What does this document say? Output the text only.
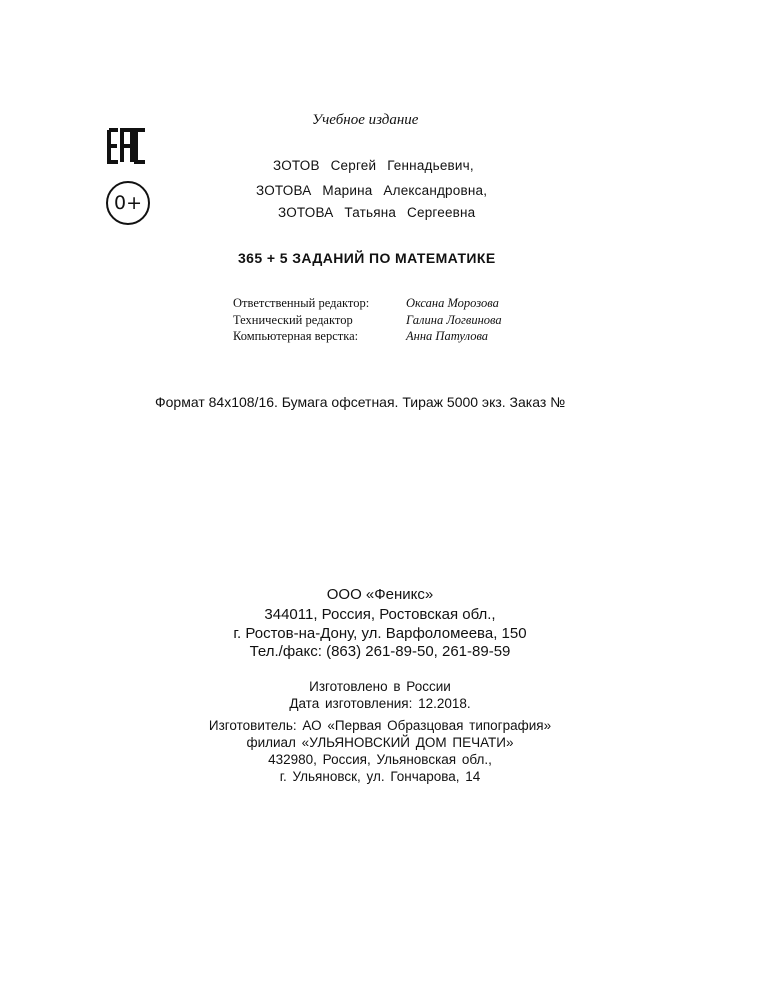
Учебное издание
0+
ЗОТОВ Сергей Геннадьевич,
ЗОТОВА Марина Александровна,
ЗОТОВА Татьяна Сергеевна
365 + 5 ЗАДАНИЙ ПО МАТЕМАТИКЕ
Ответственный редактор:	Оксана Морозова
Технический редактор	Галина Логвинова
Компьютерная верстка:	Анна Патулова
Формат 84x108/16. Бумага офсетная. Тираж 5000 экз. Заказ №
ООО «Феникс»
344011, Россия, Ростовская обл.,
г. Ростов-на-Дону, ул. Варфоломеева, 150
Тел./факс: (863) 261-89-50, 261-89-59
Изготовлено в России
Дата изготовления: 12.2018.
Изготовитель: АО «Первая Образцовая типография»
филиал «УЛЬЯНОВСКИЙ ДОМ ПЕЧАТИ»
432980, Россия, Ульяновская обл.,
г. Ульяновск, ул. Гончарова, 14
